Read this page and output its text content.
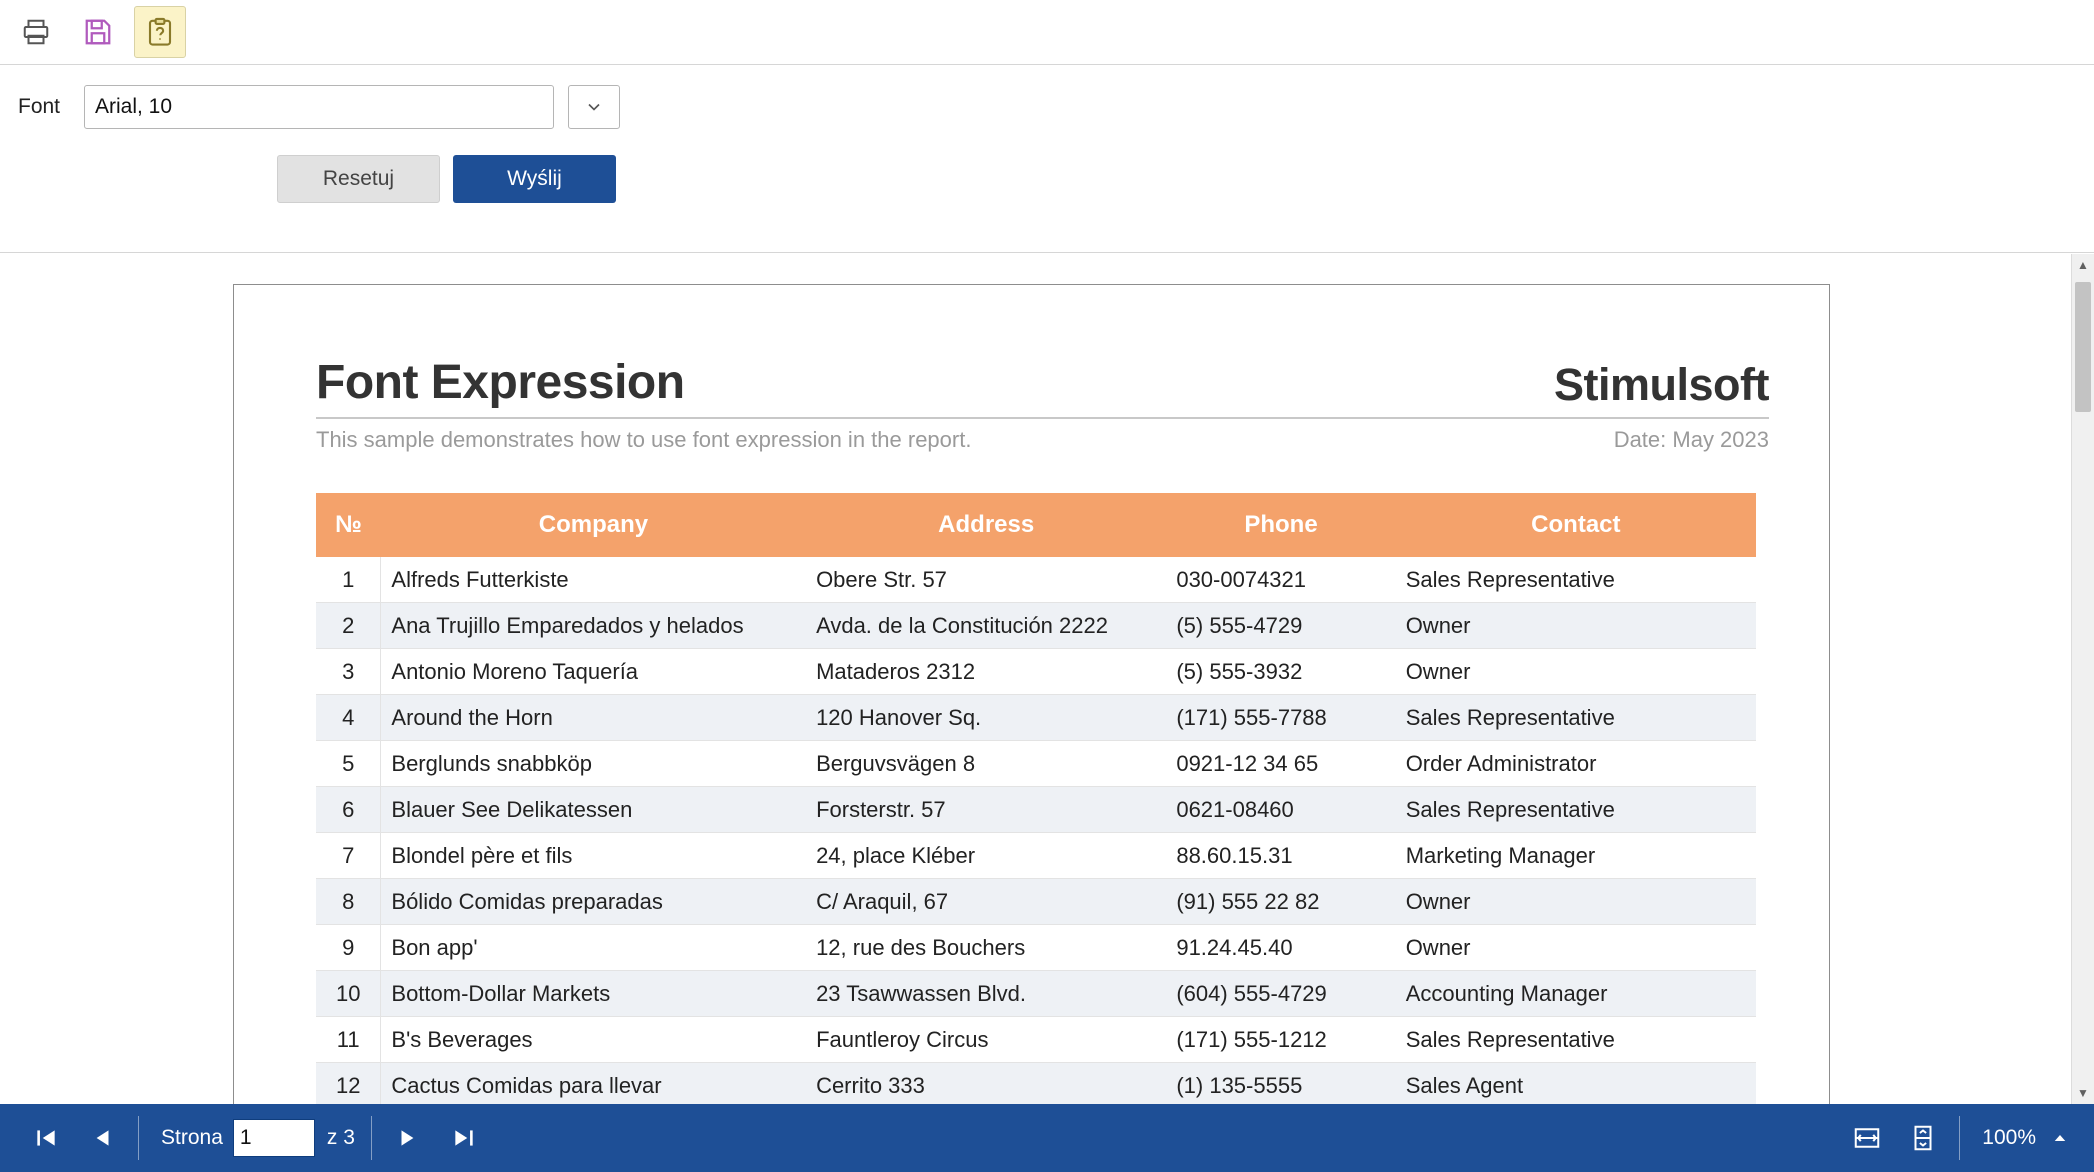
Font
Arial, 10
Resetuj	Wyślij
Font Expression	Stimulsoft
This sample demonstrates how to use font expression in the report.	Date: May 2023
№	Company	Address	Phone	Contact
1	Alfreds Futterkiste	Obere Str. 57	030-0074321	Sales Representative
2	Ana Trujillo Emparedados y helados	Avda. de la Constitución 2222	(5) 555-4729	Owner
3	Antonio Moreno Taquería	Mataderos 2312	(5) 555-3932	Owner
4	Around the Horn	120 Hanover Sq.	(171) 555-7788	Sales Representative
5	Berglunds snabbköp	Berguvsvägen 8	0921-12 34 65	Order Administrator
6	Blauer See Delikatessen	Forsterstr. 57	0621-08460	Sales Representative
7	Blondel père et fils	24, place Kléber	88.60.15.31	Marketing Manager
8	Bólido Comidas preparadas	C/ Araquil, 67	(91) 555 22 82	Owner
9	Bon app'	12, rue des Bouchers	91.24.45.40	Owner
10	Bottom-Dollar Markets	23 Tsawwassen Blvd.	(604) 555-4729	Accounting Manager
11	B's Beverages	Fauntleroy Circus	(171) 555-1212	Sales Representative
12	Cactus Comidas para llevar	Cerrito 333	(1) 135-5555	Sales Agent
▲
▼
Strona
1	z 3	100%
